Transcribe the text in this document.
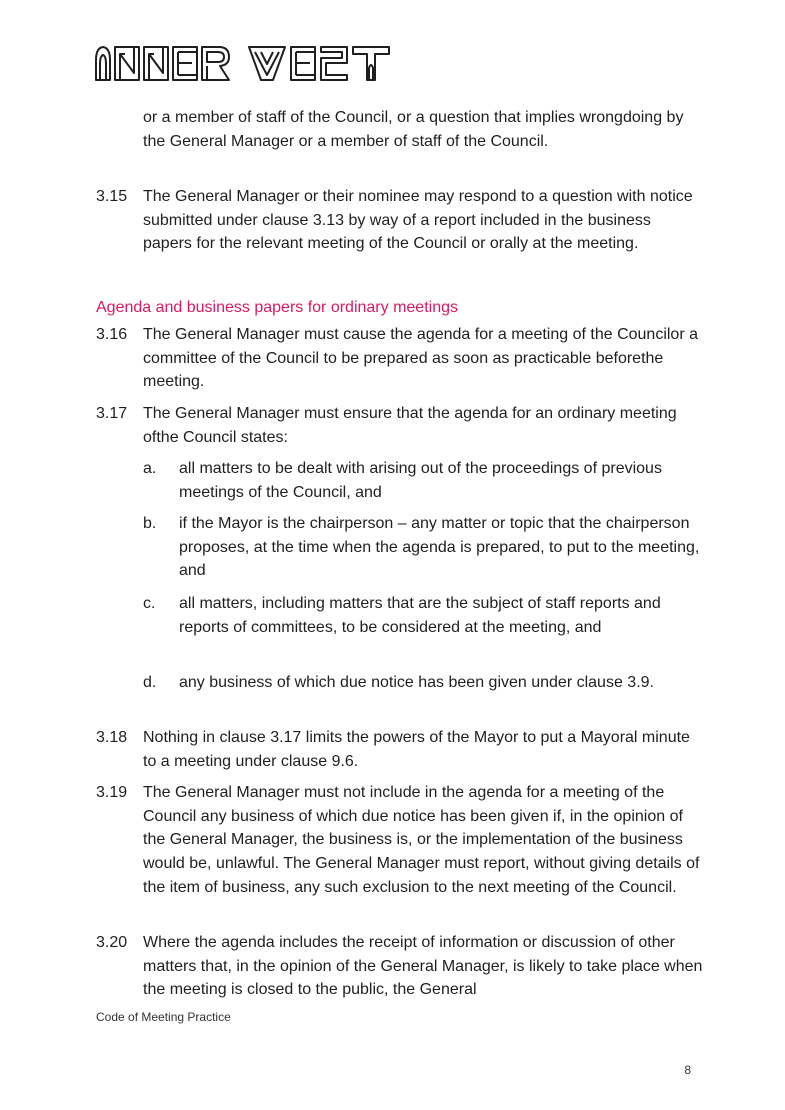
or a member of staff of the Council, or a question that implies wrongdoing by the General Manager or a member of staff of the Council.
3.15 The General Manager or their nominee may respond to a question with notice submitted under clause 3.13 by way of a report included in the business papers for the relevant meeting of the Council or orally at the meeting.
Agenda and business papers for ordinary meetings
3.16 The General Manager must cause the agenda for a meeting of the Councilor a committee of the Council to be prepared as soon as practicable beforethe meeting.
3.17 The General Manager must ensure that the agenda for an ordinary meeting ofthe Council states:
a. all matters to be dealt with arising out of the proceedings of previous meetings of the Council, and
b. if the Mayor is the chairperson – any matter or topic that the chairperson proposes, at the time when the agenda is prepared, to put to the meeting, and
c. all matters, including matters that are the subject of staff reports and reports of committees, to be considered at the meeting, and
d. any business of which due notice has been given under clause 3.9.
3.18 Nothing in clause 3.17 limits the powers of the Mayor to put a Mayoral minute to a meeting under clause 9.6.
3.19 The General Manager must not include in the agenda for a meeting of the Council any business of which due notice has been given if, in the opinion of the General Manager, the business is, or the implementation of the business would be, unlawful. The General Manager must report, without giving details of the item of business, any such exclusion to the next meeting of the Council.
3.20 Where the agenda includes the receipt of information or discussion of other matters that, in the opinion of the General Manager, is likely to take place when the meeting is closed to the public, the General
Code of Meeting Practice
8
